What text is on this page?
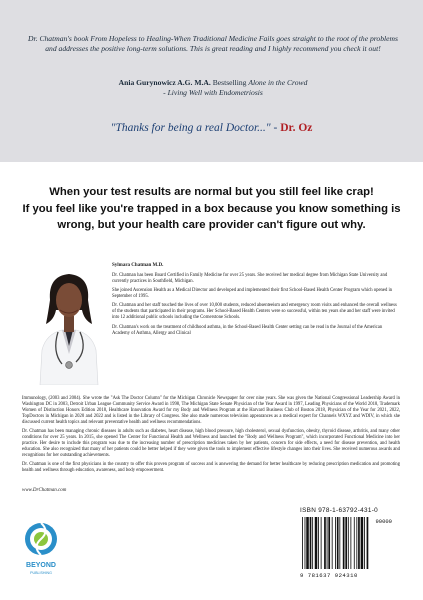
Dr. Chatman's book From Hopeless to Healing-When Traditional Medicine Fails goes straight to the root of the problems and addresses the positive long-term solutions. This is great reading and I highly recommend you check it out!
Ania Gurynowicz A.G. M.A. Bestselling Alone in the Crowd
- Living Well with Endometriosis
"Thanks for being a real Doctor..." - Dr. Oz
When your test results are normal but you still feel like crap!
If you feel like you're trapped in a box because you know something is wrong, but your health care provider can't figure out why.

Sylmara Chatman M.D.

Dr. Chatman has been Board Certified in Family Medicine for over 25 years. She received her medical degree from Michigan State University and currently practices in Southfield, Michigan.

She joined Ascension Health as a Medical Director and developed and implemented their first School-Based Health Center Program which opened in September of 1995.

Dr. Chatman and her staff touched the lives of over 10,000 students, reduced absenteeism and emergency room visits and enhanced the overall wellness of the students that participated in their programs. Her School-Based Health Centers were so successful, within ten years she and her staff were invited into 12 additional public schools including the Cornerstone Schools.

Dr. Chatman's work on the treatment of childhood asthma, in the School-Based Health Center setting can be read in the Journal of the American Academy of Asthma, Allergy and Clinical

Immunology, (2003 and 2004). She wrote the "Ask The Doctor Column" for the Michigan Chronicle Newspaper for over nine years. She was given the National Congressional Leadership Award in Washington DC in 2003, Detroit Urban League Community Service Award in 1998, The Michigan State Senate Physician of the Year Award in 1997, Leading Physicians of the World 2018, Trademark Women of Distinction Honors Edition 2018, Healthcare Innovation Award for my Body and Wellness Program at the Harvard Business Club of Boston 2018, Physician of the Year for 2021, 2022, TopDoctors in Michigan in 2020 and 2022 and is listed in the Library of Congress. She also made numerous television appearances as a medical expert for Channels WXYZ and WDIV, in which she discussed current health topics and relevant preventative health and wellness recommendations.

Dr. Chatman has been managing chronic diseases in adults such as diabetes, heart disease, high blood pressure, high cholesterol, sexual dysfunction, obesity, thyroid disease, arthritis, and many other conditions for over 25 years. In 2015, she opened The Center for Functional Health and Wellness and launched the "Body and Wellness Program", which incorporated Functional Medicine into her practice. Her desire to include this program was due to the increasing number of prescription medicines taken by her patients, concern for side effects, a need for disease prevention, and health education. She also recognized that many of her patients could be better helped if they were given the tools to implement effective lifestyle changes into their lives. She received numerous awards and recognitions for her outstanding achievements.

Dr. Chatman is one of the first physicians in the country to offer this proven program of success and is answering the demand for better healthcare by reducing prescription medication and promoting health and wellness through education, awareness, and body empowerment.

www.DrChatman.com
BEYOND
PUBLISHING
ISBN 978-1-63792-431-0
90000
9 781637 924310
